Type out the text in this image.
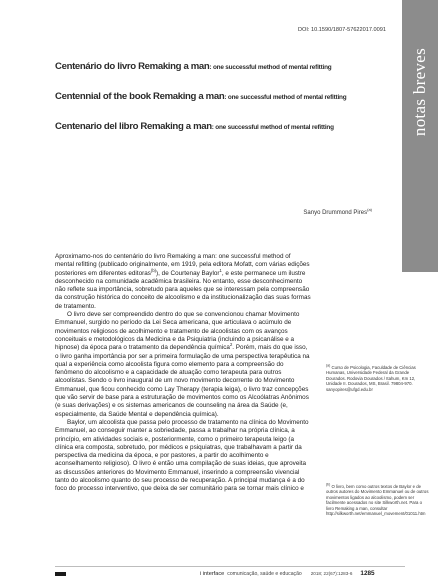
DOI: 10.1590/1807-57622017.0091
notas breves

Centenário do livro Remaking a man: one successful method of mental refitting

Centennial of the book Remaking a man: one successful method of mental refitting

Centenario del libro Remaking a man: one successful method of mental refitting

Sanyo Drummond Pires$^{(a)}$

Aproximamo-nos do centenário do livro Remaking a man: one successful method of mental refitting (publicado originalmente, em 1919, pela editora Mofatt, com várias edições posteriores em diferentes editoras$^{(b)}$), de Courtenay Baylor$^1$, e este permanece um ilustre desconhecido na comunidade acadêmica brasileira. No entanto, esse desconhecimento não reflete sua importância, sobretudo para aqueles que se interessam pela compreensão da construção histórica do conceito de alcoolismo e da institucionalização das suas formas de tratamento.

O livro deve ser compreendido dentro do que se convencionou chamar Movimento Emmanuel, surgido no período da Lei Seca americana, que articulava o acúmulo de movimentos religiosos de acolhimento e tratamento de alcoolistas com os avanços conceituais e metodológicos da Medicina e da Psiquiatria (incluindo a psicanálise e a hipnose) da época para o tratamento da dependência química$^2$. Porém, mais do que isso, o livro ganha importância por ser a primeira formulação de uma perspectiva terapêutica na qual a experiência como alcoolista figura como elemento para a compreensão do fenômeno do alcoolismo e a capacidade de atuação como terapeuta para outros alcoolistas. Sendo o livro inaugural de um novo movimento decorrente do Movimento Emmanuel, que ficou conhecido como Lay Therapy (terapia leiga), o livro traz concepções que vão servir de base para a estruturação de movimentos como os Alcoólatras Anônimos (e suas derivações) e os sistemas americanos de counseling na área da Saúde (e, especialmente, da Saúde Mental e dependência química).

Baylor, um alcoolista que passa pelo processo de tratamento na clínica do Movimento Emmanuel, ao conseguir manter a sobriedade, passa a trabalhar na própria clínica, a princípio, em atividades sociais e, posteriormente, como o primeiro terapeuta leigo (a clínica era composta, sobretudo, por médicos e psiquiatras, que trabalhavam a partir da perspectiva da medicina da época, e por pastores, a partir do acolhimento e aconselhamento religioso). O livro é então uma compilação de suas ideias, que aproveita as discussões anteriores do Movimento Emmanuel, inserindo a compreensão vivencial tanto do alcoolismo quanto do seu processo de recuperação. A principal mudança é a do foco do processo interventivo, que deixa de ser comunitário para se tornar mais clínico e

$^{(a)}$ Curso de Psicologia, Faculdade de Ciências Humanas, Universidade Federal da Grande Dourados. Rodovia Dourados / Itahum, Km 12, Unidade II. Dourados, MS, Brasil. 79804-970. sanyopires@ufgd.edu.br
$^{(b)}$ O livro, bem como outros textos de Baylor e de outros autores do Movimento Emmanuel ou de outros movimentos ligados ao alcoolismo, podem ser facilmente acessados no site Silkworth.net. Para o livro Remaking a man, consultar http://silkworth.net/emmanuel_movement/01011.htm
i interface comunicação, saúde e educação 2018; 22(67):1283-6 1285
